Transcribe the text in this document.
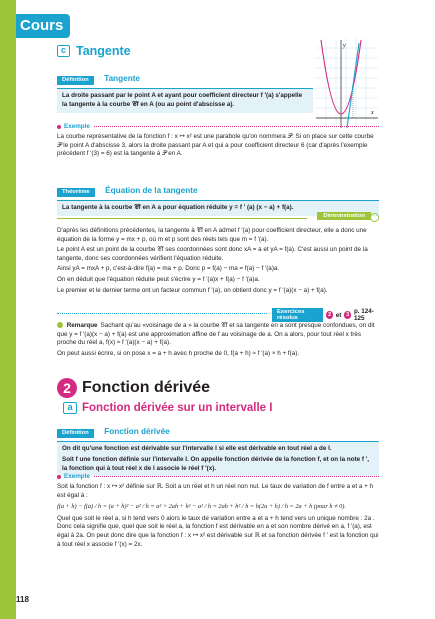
Cours
c Tangente	y
x
Définition Tangente
La droite passant par le point A et ayant pour coefficient directeur f ′(a) s'appelle la tangente à la courbe 𝒞f en A (ou au point d'abscisse a).
Exemple
La courbe représentative de la fonction f : x ↦ x² est une parabole qu'on nommera 𝒫. Si on place sur cette courbe 𝒫 le point A d'abscisse 3, alors la droite passant par A et qui a pour coefficient directeur 6 (car d'après l'exemple précédent f ′(3) = 6) est la tangente à 𝒫 en A.
Théorème Équation de la tangente
La tangente à la courbe 𝒞f en A a pour équation réduite y = f ′ (a) (x − a) + f(a).
Démonstration
D'après les définitions précédentes, la tangente à 𝒞f en A admet f ′(a) pour coefficient directeur, elle a donc une équation de la forme y = mx + p, où m et p sont des réels tels que m = f ′(a).
Le point A est un point de la courbe 𝒞f ses coordonnées sont donc xA = a et yA = f(a). C'est aussi un point de la tangente, donc ses coordonnées vérifient l'équation réduite.
Ainsi yA = mxA + p, c'est-à-dire f(a) = ma + p. Donc p = f(a) − ma = f(a) − f ′(a)a.
On en déduit que l'équation réduite peut s'écrire y = f ′(a)x + f(a) − f ′(a)a.
Le premier et le dernier terme ont un facteur commun f ′(a), on obtient donc y = f ′(a)(x − a) + f(a).
Exercices résolus	2 et 3 p. 124-125
Remarque Sachant qu'au «voisinage de a » la courbe 𝒞f et sa tangente en a sont presque confondues, on dit que y = f ′(a)(x − a) + f(a) est une approximation affine de f au voisinage de a. On a alors, pour tout réel x très proche du réel a, f(x) ≈ f ′(a)(x − a) + f(a).
On peut aussi écrire, si on pose x = a + h avec h proche de 0, f(a + h) ≈ f ′(a) × h + f(a).
2 Fonction dérivée
a Fonction dérivée sur un intervalle I
Définition Fonction dérivée
On dit qu'une fonction est dérivable sur l'intervalle I si elle est dérivable en tout réel a de I.
Soit f une fonction définie sur l'intervalle I. On appelle fonction dérivée de la fonction f, et on la note f ′, la fonction qui à tout réel x de I associe le réel f ′(x).
Exemple
Soit la fonction f : x ↦ x² définie sur ℝ. Soit a un réel et h un réel non nul. Le taux de variation de f entre a et a + h est égal à :
f(a + h) − f(a) / h = (a + h)² − a² / h = a² + 2ah + h² − a² / h = 2ah + h² / h = h(2a + h) / h = 2a + h (pour h ≠ 0).
Quel que soit le réel a, si h tend vers 0 alors le taux de variation entre a et a + h tend vers un unique nombre : 2a . Donc cela signifie que, quel que soit le réel a, la fonction f est dérivable en a et son nombre dérivé en a, f ′(a), est égal à 2a. On peut donc dire que la fonction f : x ↦ x² est dérivable sur ℝ et sa fonction dérivée f ′ est la fonction qui à tout réel x associe f ′(x) = 2x.
118
